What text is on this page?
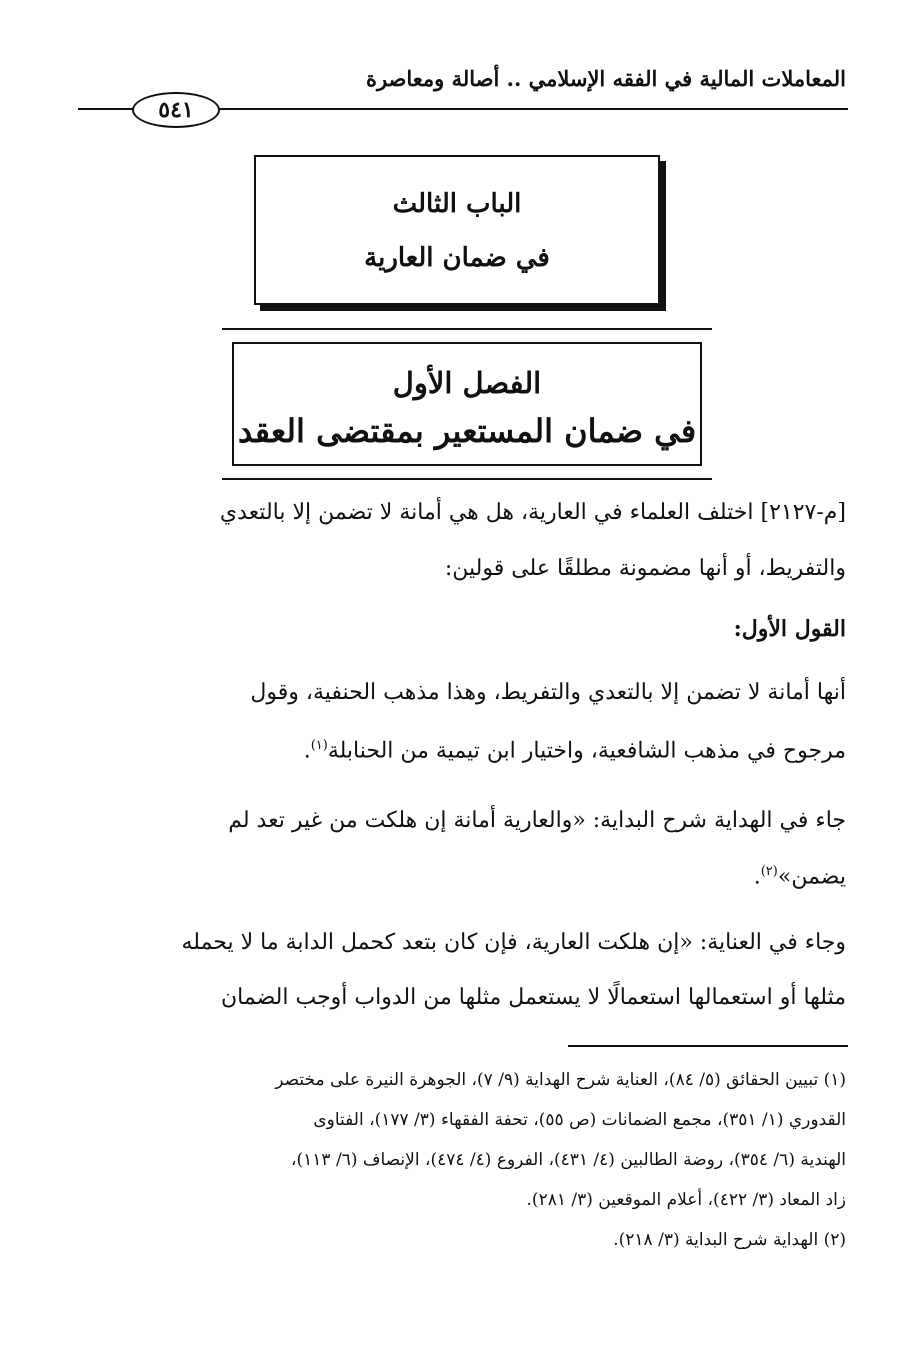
المعاملات المالية في الفقه الإسلامي .. أصالة ومعاصرة
٥٤١
الباب الثالث
في ضمان العارية
الفصل الأول
في ضمان المستعير بمقتضى العقد
[م-٢١٢٧] اختلف العلماء في العارية، هل هي أمانة لا تضمن إلا بالتعدي
والتفريط، أو أنها مضمونة مطلقًا على قولين:
القول الأول:
أنها أمانة لا تضمن إلا بالتعدي والتفريط، وهذا مذهب الحنفية، وقول
مرجوح في مذهب الشافعية، واختيار ابن تيمية من الحنابلة$^{(١)}$.
جاء في الهداية شرح البداية: «والعارية أمانة إن هلكت من غير تعد لم
يضمن»$^{(٢)}$.
وجاء في العناية: «إن هلكت العارية، فإن كان بتعد كحمل الدابة ما لا يحمله
مثلها أو استعمالها استعمالًا لا يستعمل مثلها من الدواب أوجب الضمان
(١) تبيين الحقائق (٥/ ٨٤)، العناية شرح الهداية (٩/ ٧)، الجوهرة النيرة على مختصر
القدوري (١/ ٣٥١)، مجمع الضمانات (ص ٥٥)، تحفة الفقهاء (٣/ ١٧٧)، الفتاوى
الهندية (٦/ ٣٥٤)، روضة الطالبين (٤/ ٤٣١)، الفروع (٤/ ٤٧٤)، الإنصاف (٦/ ١١٣)،
زاد المعاد (٣/ ٤٢٢)، أعلام الموقعين (٣/ ٢٨١).
(٢) الهداية شرح البداية (٣/ ٢١٨).
